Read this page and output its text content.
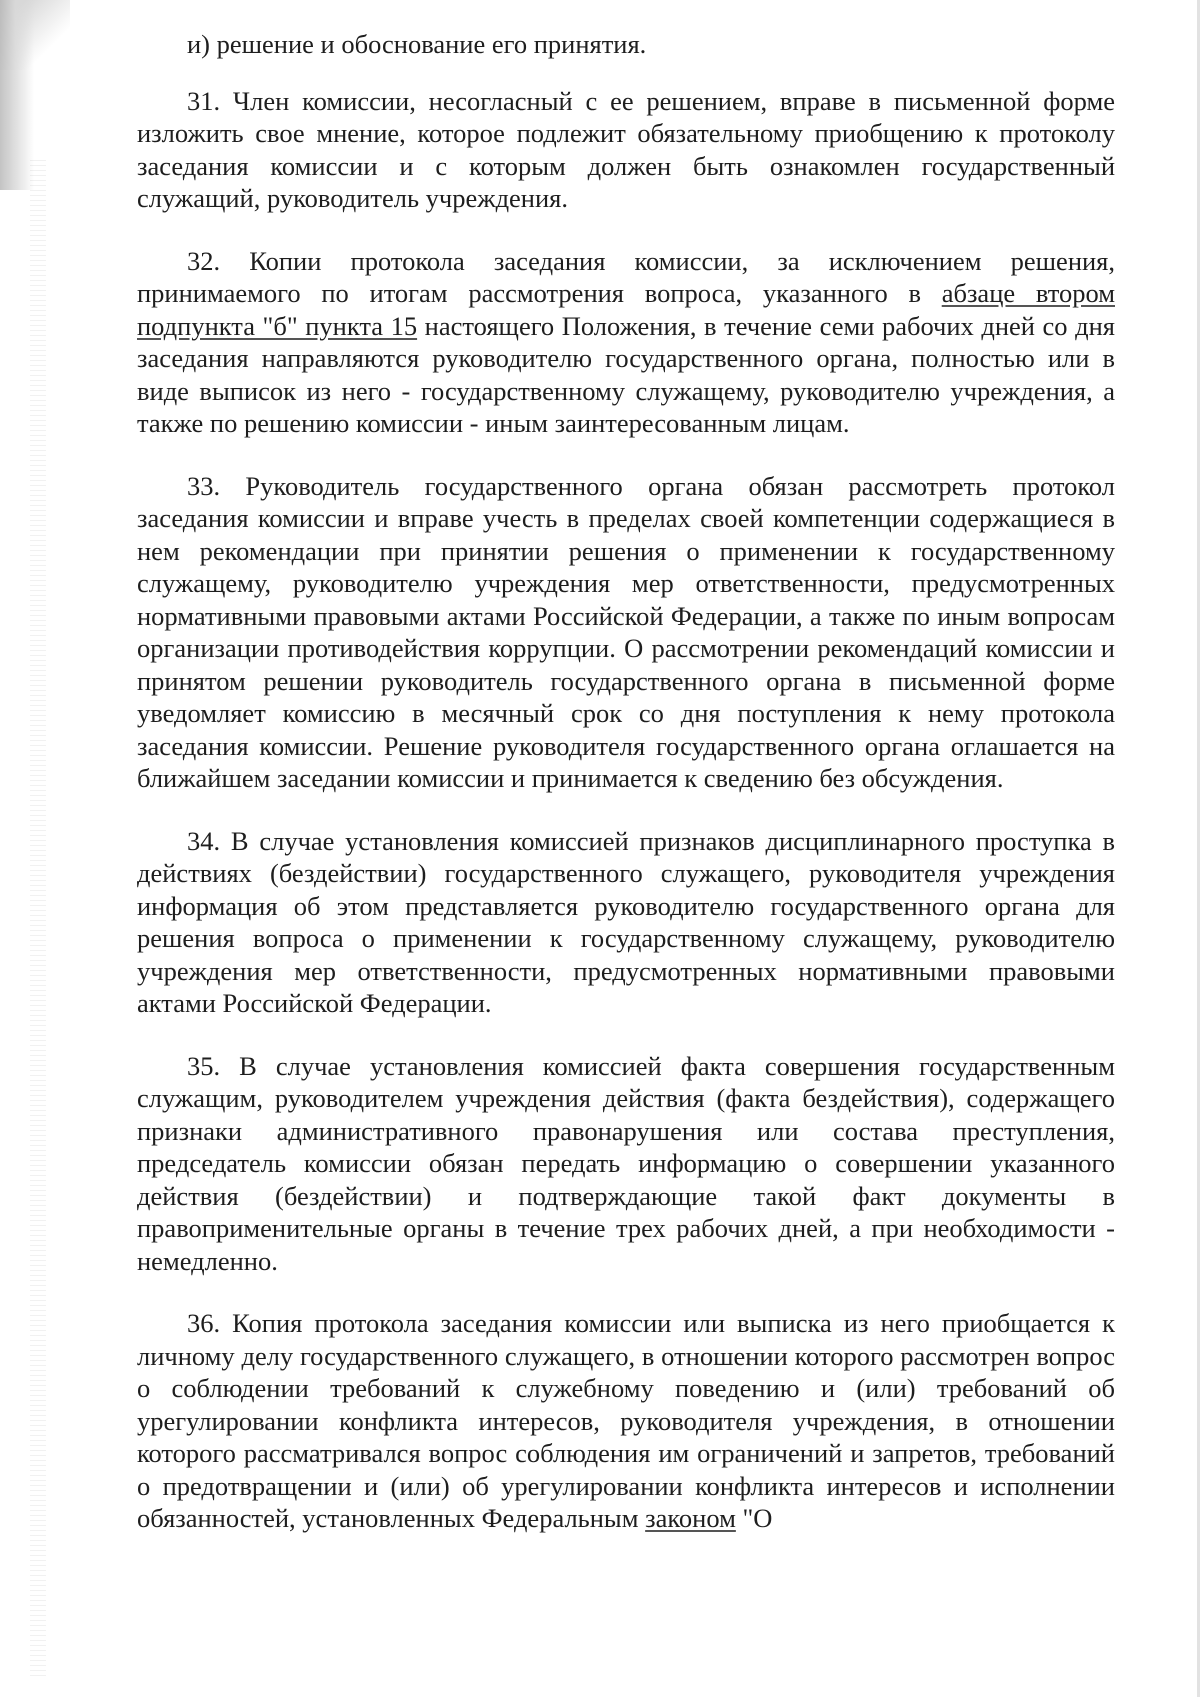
и) решение и обоснование его принятия.

31. Член комиссии, несогласный с ее решением, вправе в письменной форме изложить свое мнение, которое подлежит обязательному приобщению к протоколу заседания комиссии и с которым должен быть ознакомлен государственный служащий, руководитель учреждения.

32. Копии протокола заседания комиссии, за исключением решения, принимаемого по итогам рассмотрения вопроса, указанного в абзаце втором подпункта "б" пункта 15 настоящего Положения, в течение семи рабочих дней со дня заседания направляются руководителю государственного органа, полностью или в виде выписок из него - государственному служащему, руководителю учреждения, а также по решению комиссии - иным заинтересованным лицам.

33. Руководитель государственного органа обязан рассмотреть протокол заседания комиссии и вправе учесть в пределах своей компетенции содержащиеся в нем рекомендации при принятии решения о применении к государственному служащему, руководителю учреждения мер ответственности, предусмотренных нормативными правовыми актами Российской Федерации, а также по иным вопросам организации противодействия коррупции. О рассмотрении рекомендаций комиссии и принятом решении руководитель государственного органа в письменной форме уведомляет комиссию в месячный срок со дня поступления к нему протокола заседания комиссии. Решение руководителя государственного органа оглашается на ближайшем заседании комиссии и принимается к сведению без обсуждения.

34. В случае установления комиссией признаков дисциплинарного проступка в действиях (бездействии) государственного служащего, руководителя учреждения информация об этом представляется руководителю государственного органа для решения вопроса о применении к государственному служащему, руководителю учреждения мер ответственности, предусмотренных нормативными правовыми актами Российской Федерации.

35. В случае установления комиссией факта совершения государственным служащим, руководителем учреждения действия (факта бездействия), содержащего признаки административного правонарушения или состава преступления, председатель комиссии обязан передать информацию о совершении указанного действия (бездействии) и подтверждающие такой факт документы в правоприменительные органы в течение трех рабочих дней, а при необходимости - немедленно.

36. Копия протокола заседания комиссии или выписка из него приобщается к личному делу государственного служащего, в отношении которого рассмотрен вопрос о соблюдении требований к служебному поведению и (или) требований об урегулировании конфликта интересов, руководителя учреждения, в отношении которого рассматривался вопрос соблюдения им ограничений и запретов, требований о предотвращении и (или) об урегулировании конфликта интересов и исполнении обязанностей, установленных Федеральным законом "О
